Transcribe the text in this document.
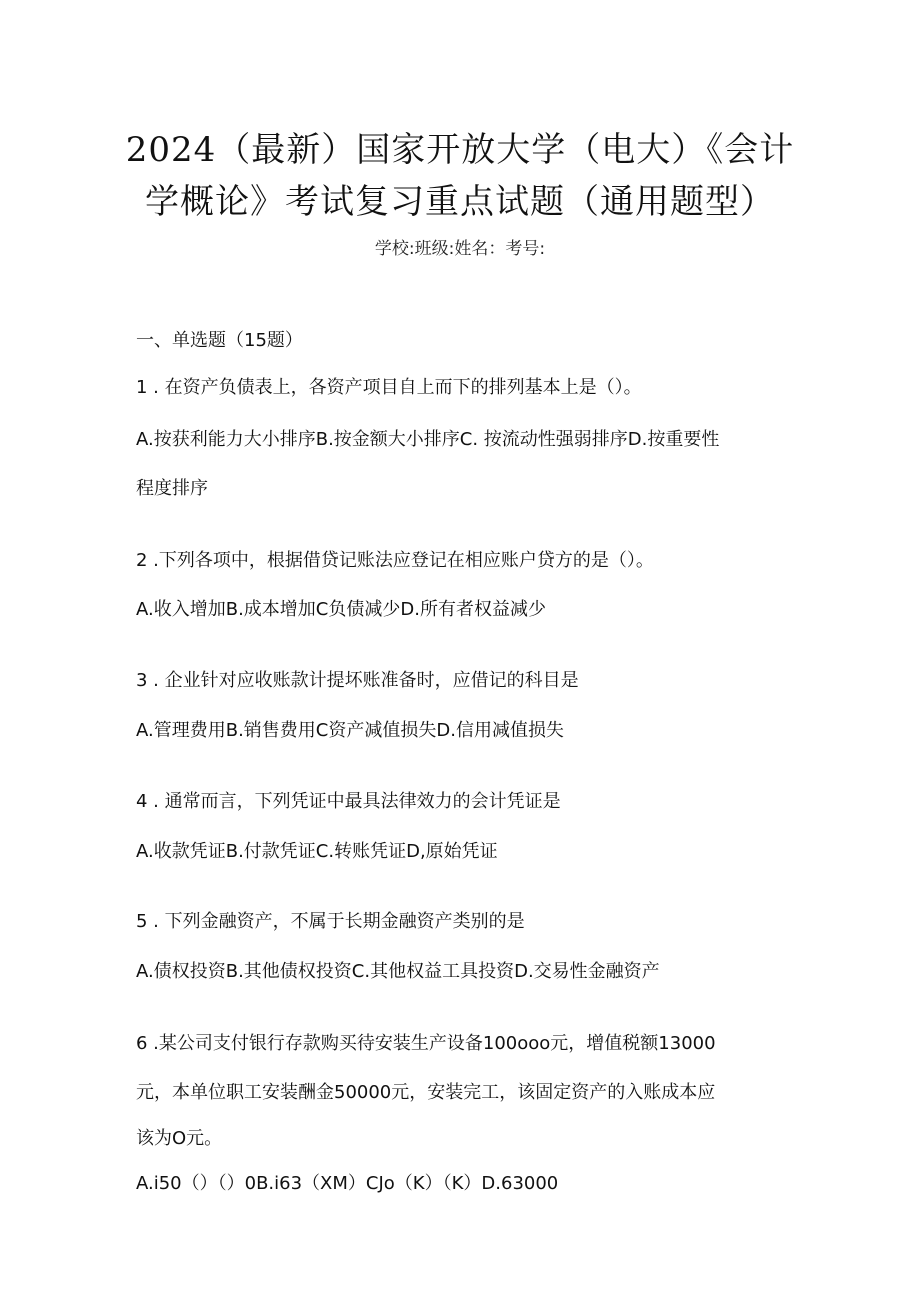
2024（最新）国家开放大学（电大）《会计
学概论》考试复习重点试题（通用题型）
学校:班级:姓名：考号:
一、单选题（15题）
1 . 在资产负债表上，各资产项目自上而下的排列基本上是（）。
A.按获利能力大小排序B.按金额大小排序C. 按流动性强弱排序D.按重要性
程度排序
2 .下列各项中，根据借贷记账法应登记在相应账户贷方的是（）。
A.收入增加B.成本增加C负债减少D.所有者权益减少
3 . 企业针对应收账款计提坏账准备时，应借记的科目是
A.管理费用B.销售费用C资产减值损失D.信用减值损失
4 . 通常而言，下列凭证中最具法律效力的会计凭证是
A.收款凭证B.付款凭证C.转账凭证D,原始凭证
5 . 下列金融资产，不属于长期金融资产类别的是
A.债权投资B.其他债权投资C.其他权益工具投资D.交易性金融资产
6 .某公司支付银行存款购买待安装生产设备100ooo元，增值税额13000
元，本单位职工安装酬金50000元，安装完工，该固定资产的入账成本应
该为O元。
A.i50（）（）0B.i63（XM）CJo（K）（K）D.63000
